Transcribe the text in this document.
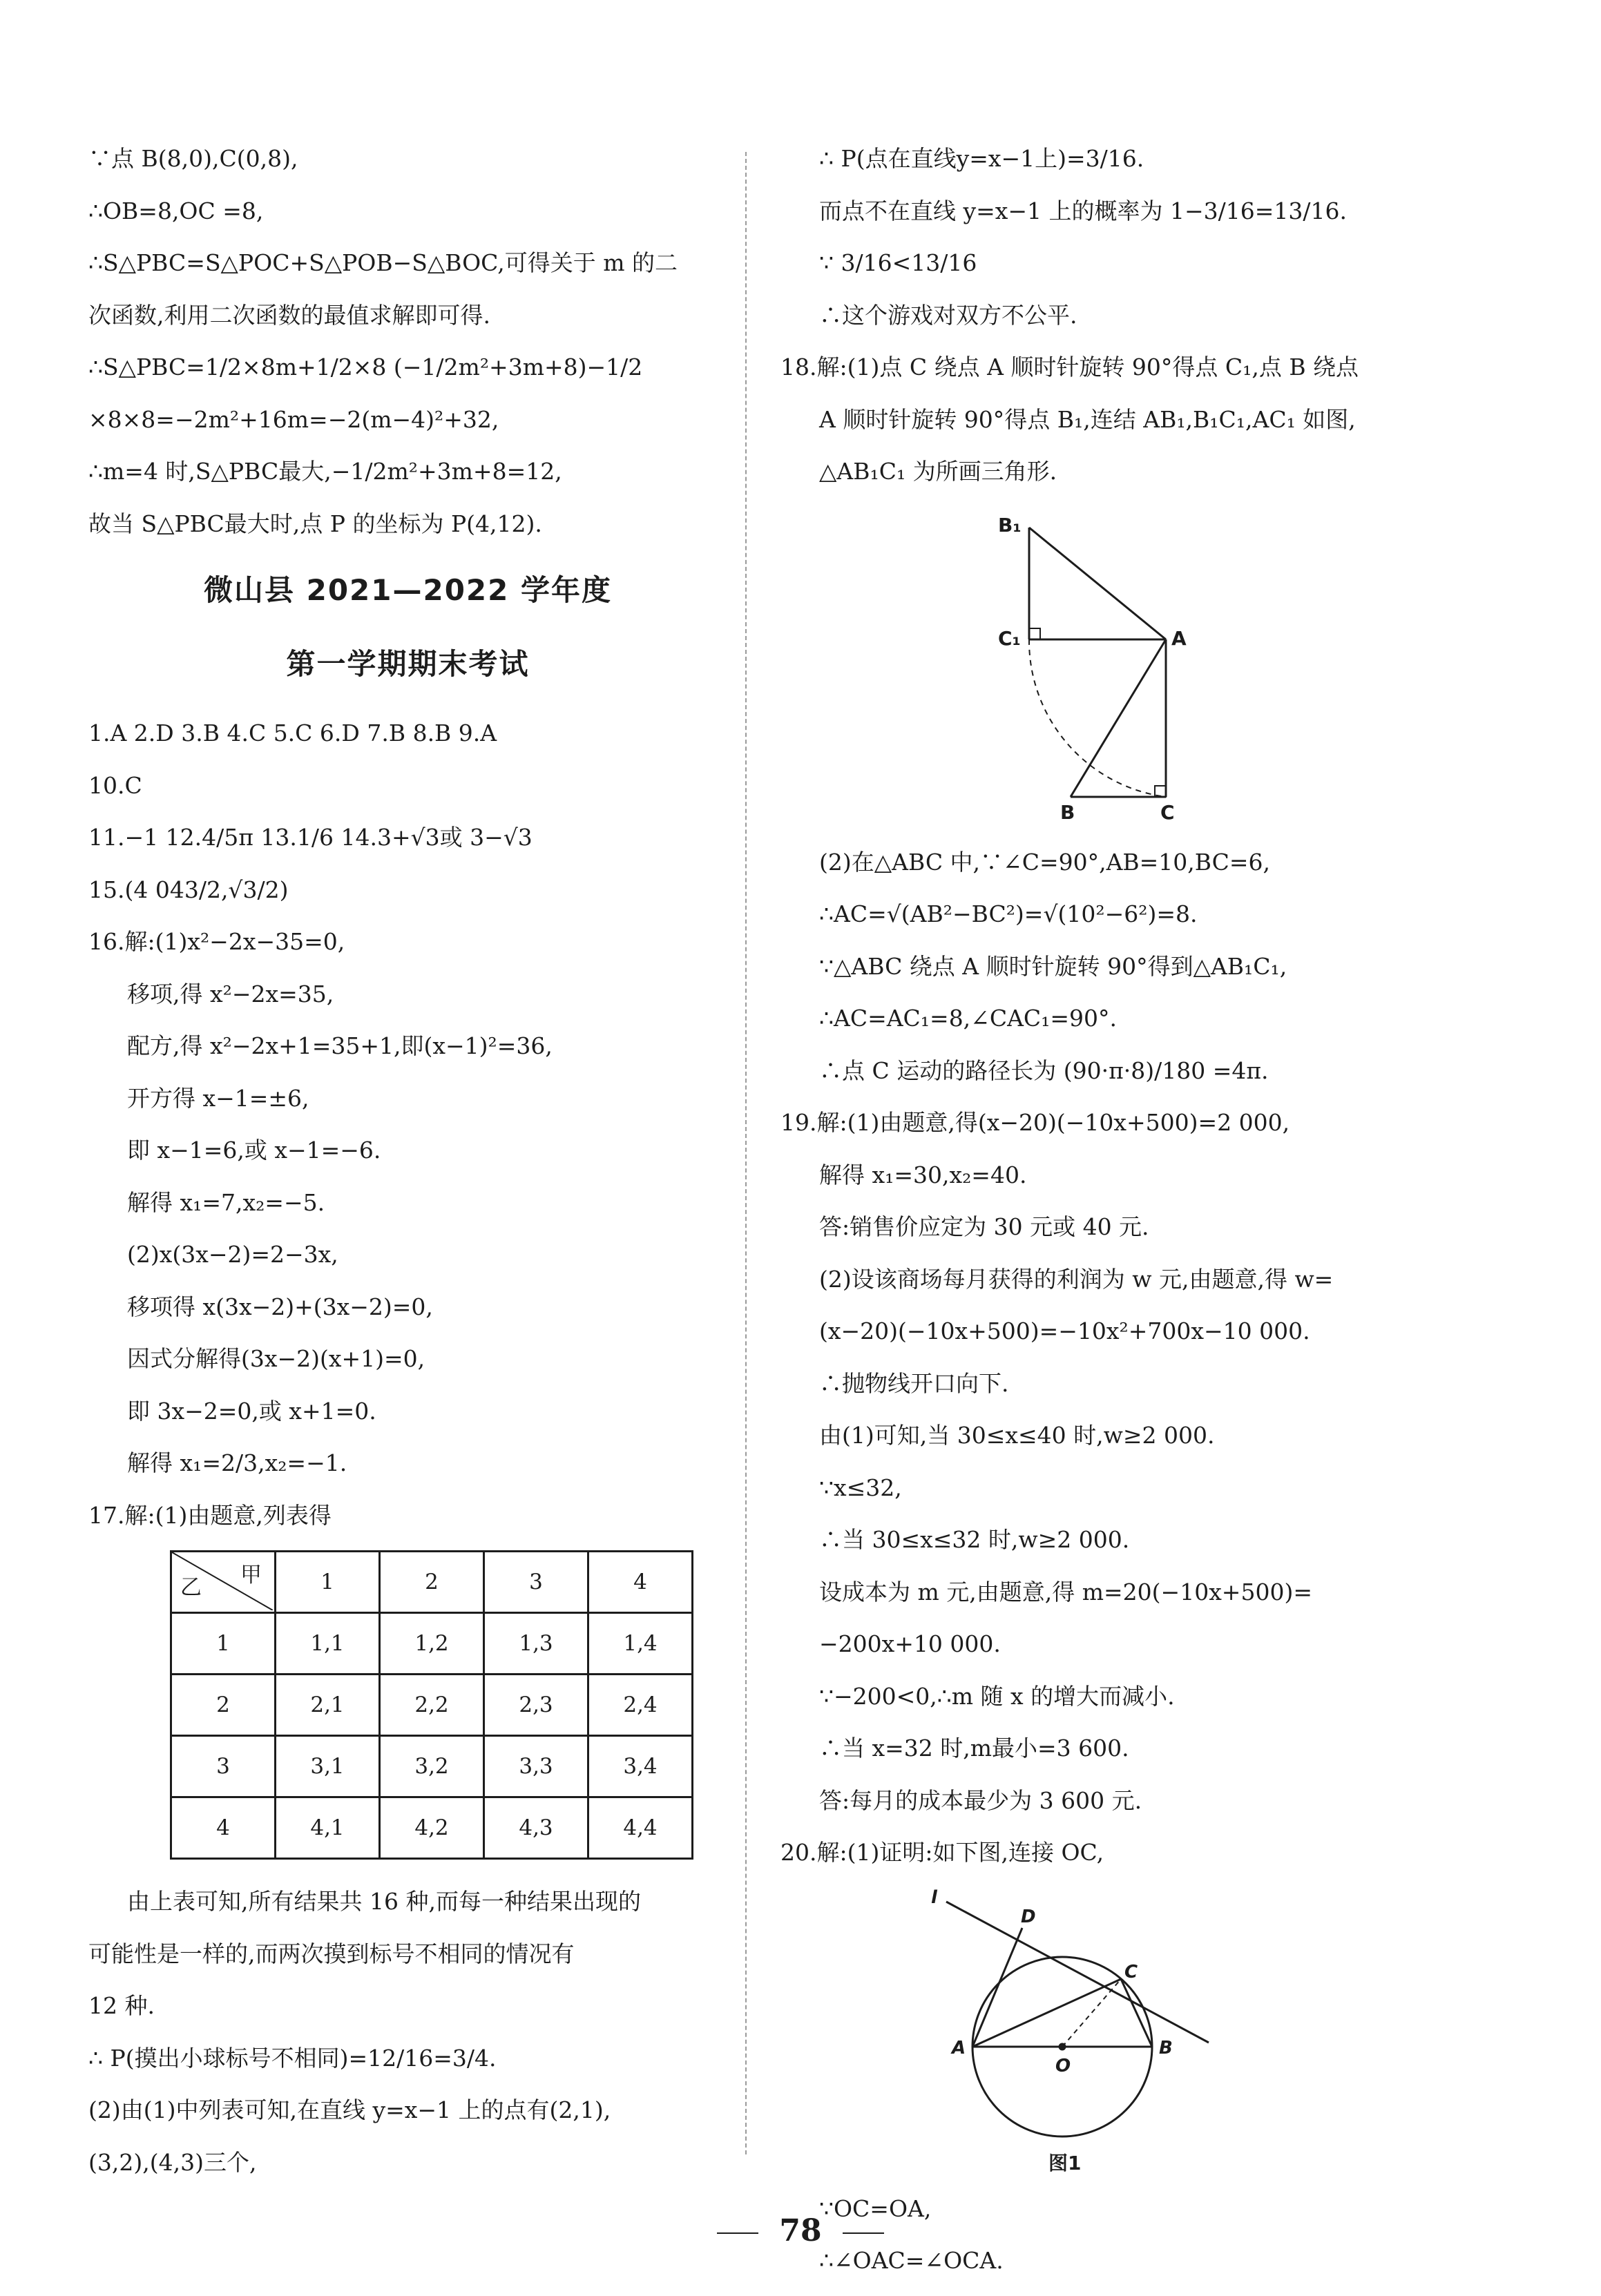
∵点 B(8,0),C(0,8),
∴OB=8,OC =8,
∴S△PBC=S△POC+S△POB−S△BOC,可得关于 m 的二
次函数,利用二次函数的最值求解即可得.
∴S△PBC=1/2×8m+1/2×8 (−1/2m²+3m+8)−1/2
×8×8=−2m²+16m=−2(m−4)²+32,
∴m=4 时,S△PBC最大,−1/2m²+3m+8=12,
故当 S△PBC最大时,点 P 的坐标为 P(4,12).
微山县 2021—2022 学年度
第一学期期末考试
1.A 2.D 3.B 4.C 5.C 6.D 7.B 8.B 9.A
10.C
11.−1 12.4/5π 13.1/6 14.3+√3或 3−√3
15.(4 043/2,√3/2)
16.解:(1)x²−2x−35=0,
移项,得 x²−2x=35,
配方,得 x²−2x+1=35+1,即(x−1)²=36,
开方得 x−1=±6,
即 x−1=6,或 x−1=−6.
解得 x₁=7,x₂=−5.
(2)x(3x−2)=2−3x,
移项得 x(3x−2)+(3x−2)=0,
因式分解得(3x−2)(x+1)=0,
即 3x−2=0,或 x+1=0.
解得 x₁=2/3,x₂=−1.
17.解:(1)由题意,列表得
甲
乙	1	2	3	4
1	1,1	1,2	1,3	1,4
2	2,1	2,2	2,3	2,4
3	3,1	3,2	3,3	3,4
4	4,1	4,2	4,3	4,4
由上表可知,所有结果共 16 种,而每一种结果出现的
可能性是一样的,而两次摸到标号不相同的情况有
12 种.
∴ P(摸出小球标号不相同)=12/16=3/4.
(2)由(1)中列表可知,在直线 y=x−1 上的点有(2,1),
(3,2),(4,3)三个,
∴ P(点在直线y=x−1上)=3/16.
而点不在直线 y=x−1 上的概率为 1−3/16=13/16.
∵ 3/16<13/16
∴这个游戏对双方不公平.
18.解:(1)点 C 绕点 A 顺时针旋转 90°得点 C₁,点 B 绕点
A 顺时针旋转 90°得点 B₁,连结 AB₁,B₁C₁,AC₁ 如图,
△AB₁C₁ 为所画三角形.
B₁
C₁	A
B	C
(2)在△ABC 中,∵∠C=90°,AB=10,BC=6,
∴AC=√(AB²−BC²)=√(10²−6²)=8.
∵△ABC 绕点 A 顺时针旋转 90°得到△AB₁C₁,
∴AC=AC₁=8,∠CAC₁=90°.
∴点 C 运动的路径长为 (90·π·8)/180 =4π.
19.解:(1)由题意,得(x−20)(−10x+500)=2 000,
解得 x₁=30,x₂=40.
答:销售价应定为 30 元或 40 元.
(2)设该商场每月获得的利润为 w 元,由题意,得 w=
(x−20)(−10x+500)=−10x²+700x−10 000.
∴抛物线开口向下.
由(1)可知,当 30≤x≤40 时,w≥2 000.
∵x≤32,
∴当 30≤x≤32 时,w≥2 000.
设成本为 m 元,由题意,得 m=20(−10x+500)=
−200x+10 000.
∵−200<0,∴m 随 x 的增大而减小.
∴当 x=32 时,m最小=3 600.
答:每月的成本最少为 3 600 元.
20.解:(1)证明:如下图,连接 OC,
l
D
C
A
O
B
图1
∵OC=OA,
∴∠OAC=∠OCA.
78
